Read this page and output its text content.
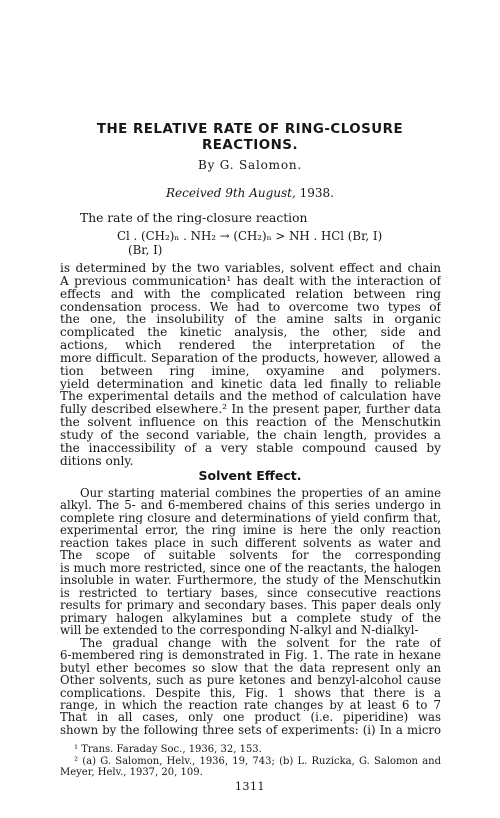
THE RELATIVE RATE OF RING-CLOSURE
REACTIONS.
By G. Salomon.
Received 9th August, 1938.
The rate of the ring-closure reaction
Cl . (CH₂)ₙ . NH₂ → (CH₂)ₙ > NH . HCl (Br, I)
(Br, I)
is determined by the two variables, solvent effect and chain
A previous communication¹ has dealt with the interaction of
effects and with the complicated relation between ring
condensation process. We had to overcome two types of
the one, the insolubility of the amine salts in organic
complicated the kinetic analysis, the other, side and
actions, which rendered the interpretation of the
more difficult. Separation of the products, however, allowed a
tion between ring imine, oxyamine and polymers.
yield determination and kinetic data led finally to reliable
The experimental details and the method of calculation have
fully described elsewhere.² In the present paper, further data
the solvent influence on this reaction of the Menschutkin
study of the second variable, the chain length, provides a
the inaccessibility of a very stable compound caused by
ditions only.
Solvent Effect.
Our starting material combines the properties of an amine
alkyl. The 5- and 6-membered chains of this series undergo in
complete ring closure and determinations of yield confirm that,
experimental error, the ring imine is here the only reaction
reaction takes place in such different solvents as water and
The scope of suitable solvents for the corresponding
is much more restricted, since one of the reactants, the halogen
insoluble in water. Furthermore, the study of the Menschutkin
is restricted to tertiary bases, since consecutive reactions
results for primary and secondary bases. This paper deals only
primary halogen alkylamines but a complete study of the
will be extended to the corresponding N-alkyl and N-dialkyl-
The gradual change with the solvent for the rate of
6-membered ring is demonstrated in Fig. 1. The rate in hexane
butyl ether becomes so slow that the data represent only an
Other solvents, such as pure ketones and benzyl-alcohol cause
complications. Despite this, Fig. 1 shows that there is a
range, in which the reaction rate changes by at least 6 to 7
That in all cases, only one product (i.e. piperidine) was
shown by the following three sets of experiments: (i) In a micro
¹ Trans. Faraday Soc., 1936, 32, 153.
² (a) G. Salomon, Helv., 1936, 19, 743; (b) L. Ruzicka, G. Salomon and
Meyer, Helv., 1937, 20, 109.
1311
